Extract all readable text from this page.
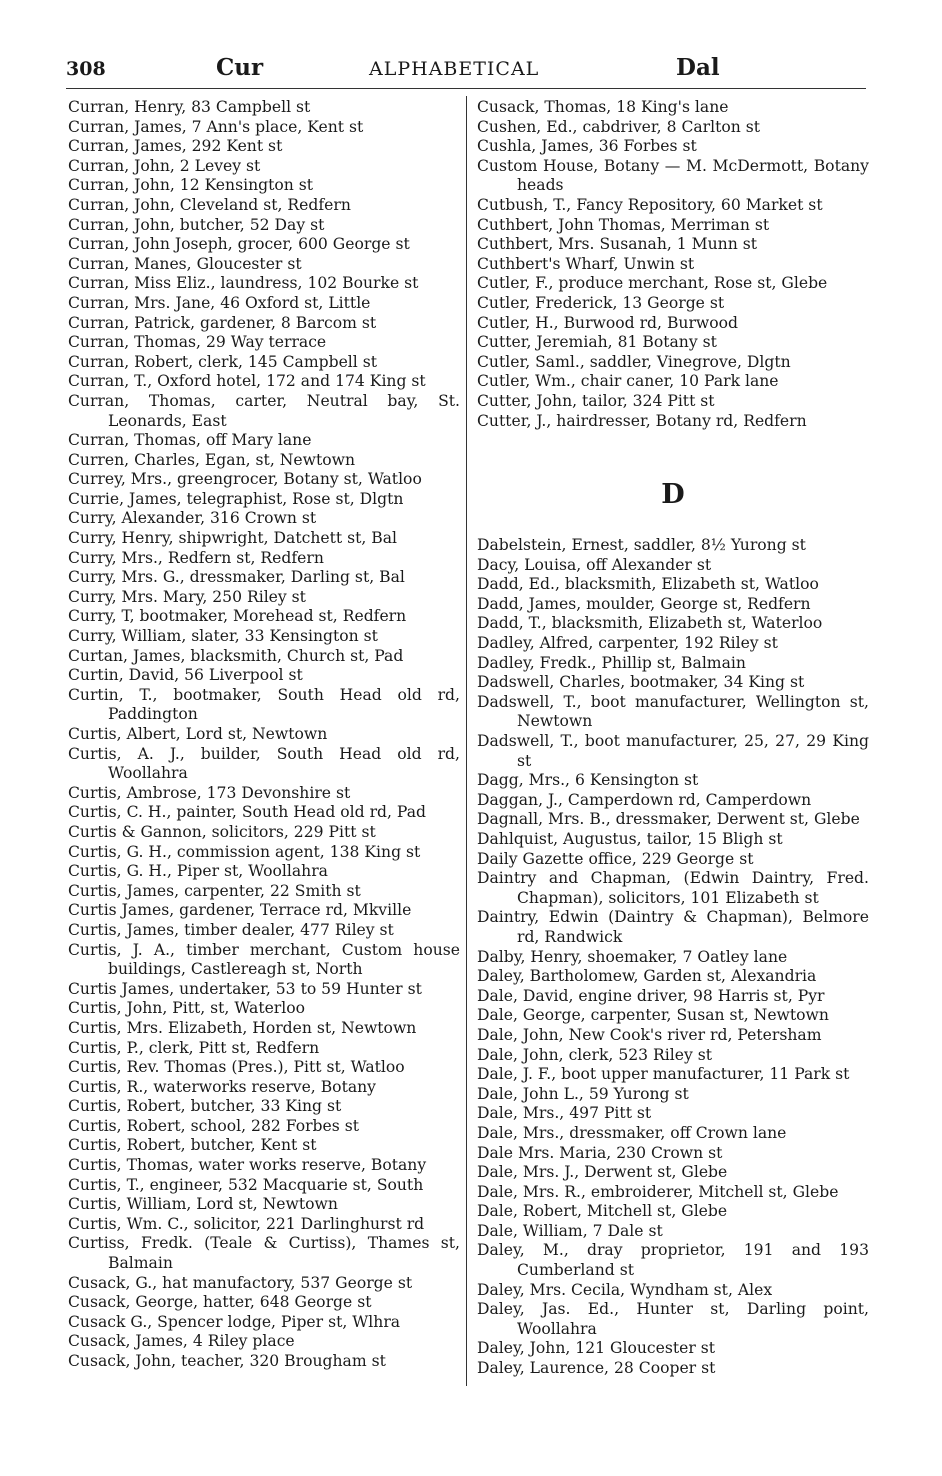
308	Cur	ALPHABETICAL	Dal
Curran, Henry, 83 Campbell st
Curran, James, 7 Ann's place, Kent st
Curran, James, 292 Kent st
Curran, John, 2 Levey st
Curran, John, 12 Kensington st
Curran, John, Cleveland st, Redfern
Curran, John, butcher, 52 Day st
Curran, John Joseph, grocer, 600 George st
Curran, Manes, Gloucester st
Curran, Miss Eliz., laundress, 102 Bourke st
Curran, Mrs. Jane, 46 Oxford st, Little
Curran, Patrick, gardener, 8 Barcom st
Curran, Thomas, 29 Way terrace
Curran, Robert, clerk, 145 Campbell st
Curran, T., Oxford hotel, 172 and 174 King st
Curran, Thomas, carter, Neutral bay, St. Leonards, East
Curran, Thomas, off Mary lane
Curren, Charles, Egan, st, Newtown
Currey, Mrs., greengrocer, Botany st, Watloo
Currie, James, telegraphist, Rose st, Dlgtn
Curry, Alexander, 316 Crown st
Curry, Henry, shipwright, Datchett st, Bal
Curry, Mrs., Redfern st, Redfern
Curry, Mrs. G., dressmaker, Darling st, Bal
Curry, Mrs. Mary, 250 Riley st
Curry, T, bootmaker, Morehead st, Redfern
Curry, William, slater, 33 Kensington st
Curtan, James, blacksmith, Church st, Pad
Curtin, David, 56 Liverpool st
Curtin, T., bootmaker, South Head old rd, Paddington
Curtis, Albert, Lord st, Newtown
Curtis, A. J., builder, South Head old rd, Woollahra
Curtis, Ambrose, 173 Devonshire st
Curtis, C. H., painter, South Head old rd, Pad
Curtis & Gannon, solicitors, 229 Pitt st
Curtis, G. H., commission agent, 138 King st
Curtis, G. H., Piper st, Woollahra
Curtis, James, carpenter, 22 Smith st
Curtis James, gardener, Terrace rd, Mkville
Curtis, James, timber dealer, 477 Riley st
Curtis, J. A., timber merchant, Custom house buildings, Castlereagh st, North
Curtis James, undertaker, 53 to 59 Hunter st
Curtis, John, Pitt, st, Waterloo
Curtis, Mrs. Elizabeth, Horden st, Newtown
Curtis, P., clerk, Pitt st, Redfern
Curtis, Rev. Thomas (Pres.), Pitt st, Watloo
Curtis, R., waterworks reserve, Botany
Curtis, Robert, butcher, 33 King st
Curtis, Robert, school, 282 Forbes st
Curtis, Robert, butcher, Kent st
Curtis, Thomas, water works reserve, Botany
Curtis, T., engineer, 532 Macquarie st, South
Curtis, William, Lord st, Newtown
Curtis, Wm. C., solicitor, 221 Darlinghurst rd
Curtiss, Fredk. (Teale & Curtiss), Thames st, Balmain
Cusack, G., hat manufactory, 537 George st
Cusack, George, hatter, 648 George st
Cusack G., Spencer lodge, Piper st, Wlhra
Cusack, James, 4 Riley place
Cusack, John, teacher, 320 Brougham st
Cusack, Thomas, 18 King's lane
Cushen, Ed., cabdriver, 8 Carlton st
Cushla, James, 36 Forbes st
Custom House, Botany — M. McDermott, Botany heads
Cutbush, T., Fancy Repository, 60 Market st
Cuthbert, John Thomas, Merriman st
Cuthbert, Mrs. Susanah, 1 Munn st
Cuthbert's Wharf, Unwin st
Cutler, F., produce merchant, Rose st, Glebe
Cutler, Frederick, 13 George st
Cutler, H., Burwood rd, Burwood
Cutter, Jeremiah, 81 Botany st
Cutler, Saml., saddler, Vinegrove, Dlgtn
Cutler, Wm., chair caner, 10 Park lane
Cutter, John, tailor, 324 Pitt st
Cutter, J., hairdresser, Botany rd, Redfern
D
Dabelstein, Ernest, saddler, 8½ Yurong st
Dacy, Louisa, off Alexander st
Dadd, Ed., blacksmith, Elizabeth st, Watloo
Dadd, James, moulder, George st, Redfern
Dadd, T., blacksmith, Elizabeth st, Waterloo
Dadley, Alfred, carpenter, 192 Riley st
Dadley, Fredk., Phillip st, Balmain
Dadswell, Charles, bootmaker, 34 King st
Dadswell, T., boot manufacturer, Wellington st, Newtown
Dadswell, T., boot manufacturer, 25, 27, 29 King st
Dagg, Mrs., 6 Kensington st
Daggan, J., Camperdown rd, Camperdown
Dagnall, Mrs. B., dressmaker, Derwent st, Glebe
Dahlquist, Augustus, tailor, 15 Bligh st
Daily Gazette office, 229 George st
Daintry and Chapman, (Edwin Daintry, Fred. Chapman), solicitors, 101 Elizabeth st
Daintry, Edwin (Daintry & Chapman), Belmore rd, Randwick
Dalby, Henry, shoemaker, 7 Oatley lane
Daley, Bartholomew, Garden st, Alexandria
Dale, David, engine driver, 98 Harris st, Pyr
Dale, George, carpenter, Susan st, Newtown
Dale, John, New Cook's river rd, Petersham
Dale, John, clerk, 523 Riley st
Dale, J. F., boot upper manufacturer, 11 Park st
Dale, John L., 59 Yurong st
Dale, Mrs., 497 Pitt st
Dale, Mrs., dressmaker, off Crown lane
Dale Mrs. Maria, 230 Crown st
Dale, Mrs. J., Derwent st, Glebe
Dale, Mrs. R., embroiderer, Mitchell st, Glebe
Dale, Robert, Mitchell st, Glebe
Dale, William, 7 Dale st
Daley, M., dray proprietor, 191 and 193 Cumberland st
Daley, Mrs. Cecila, Wyndham st, Alex
Daley, Jas. Ed., Hunter st, Darling point, Woollahra
Daley, John, 121 Gloucester st
Daley, Laurence, 28 Cooper st
